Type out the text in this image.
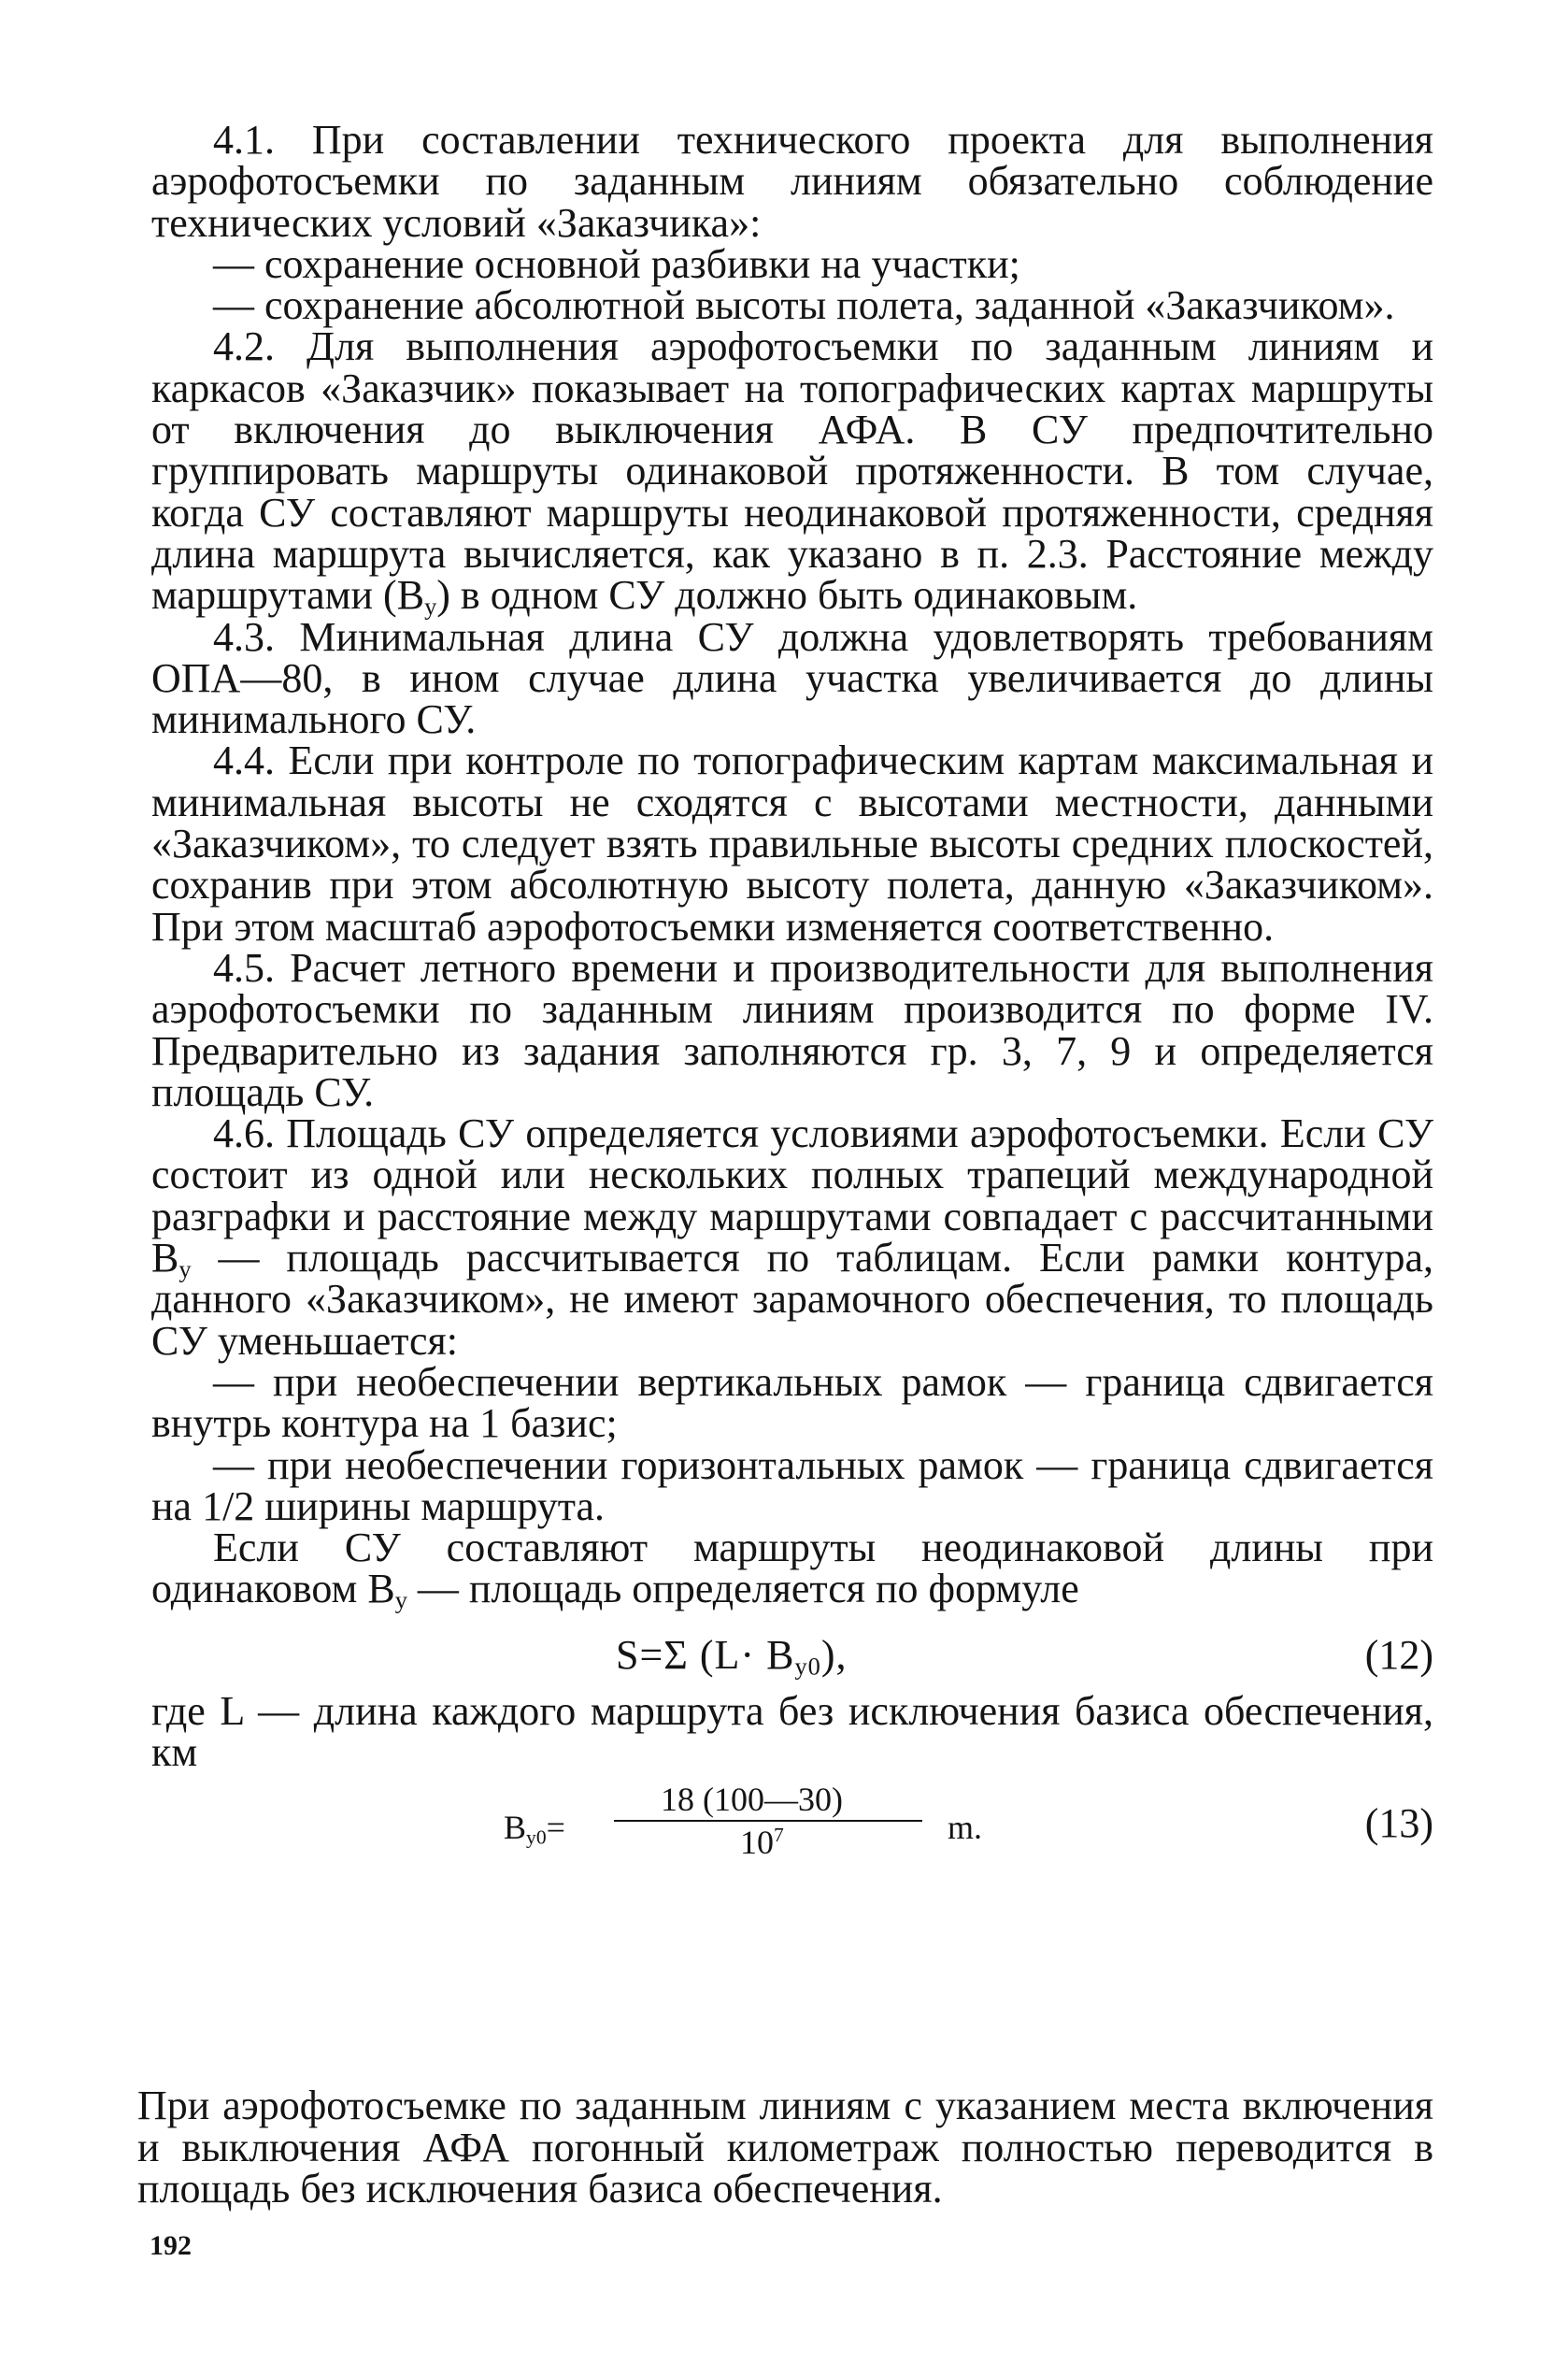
4.1. При составлении технического проекта для выполнения аэрофотосъемки по заданным линиям обязательно соблюдение технических условий «Заказчика»:

— сохранение основной разбивки на участки;

— сохранение абсолютной высоты полета, заданной «Заказчиком».

4.2. Для выполнения аэрофотосъемки по заданным линиям и каркасов «Заказчик» показывает на топографических картах маршруты от включения до выключения АФА. В СУ предпочтительно группировать маршруты одинаковой протяженности. В том случае, когда СУ составляют маршруты неодинаковой протяженности, средняя длина маршрута вычисляется, как указано в п. 2.3. Расстояние между маршрутами $(B_y)$ в одном СУ должно быть одинаковым.

4.3. Минимальная длина СУ должна удовлетворять требованиям ОПА—80, в ином случае длина участка увеличивается до длины минимального СУ.

4.4. Если при контроле по топографическим картам максимальная и минимальная высоты не сходятся с высотами местности, данными «Заказчиком», то следует взять правильные высоты средних плоскостей, сохранив при этом абсолютную высоту полета, данную «Заказчиком». При этом масштаб аэрофотосъемки изменяется соответственно.

4.5. Расчет летного времени и производительности для выполнения аэрофотосъемки по заданным линиям производится по форме IV. Предварительно из задания заполняются гр. 3, 7, 9 и определяется площадь СУ.

4.6. Площадь СУ определяется условиями аэрофотосъемки. Если СУ состоит из одной или нескольких полных трапеций международной разграфки и расстояние между маршрутами совпадает с рассчитанными $B_y$ — площадь рассчитывается по таблицам. Если рамки контура, данного «Заказчиком», не имеют зарамочного обеспечения, то площадь СУ уменьшается:

— при необеспечении вертикальных рамок — граница сдвигается внутрь контура на 1 базис;

— при необеспечении горизонтальных рамок — граница сдвигается на 1/2 ширины маршрута.

Если СУ составляют маршруты неодинаковой длины при одинаковом $B_y$ — площадь определяется по формуле

S=Σ $(L\cdot B_{y0})$,	(12)

где L — длина каждого маршрута без исключения базиса обеспечения, км

$B_{y0}=$
18 (100—30)
$10^7$	m.	(13)

При аэрофотосъемке по заданным линиям с указанием места включения и выключения АФА погонный километраж полностью переводится в площадь без исключения базиса обеспечения.

192
